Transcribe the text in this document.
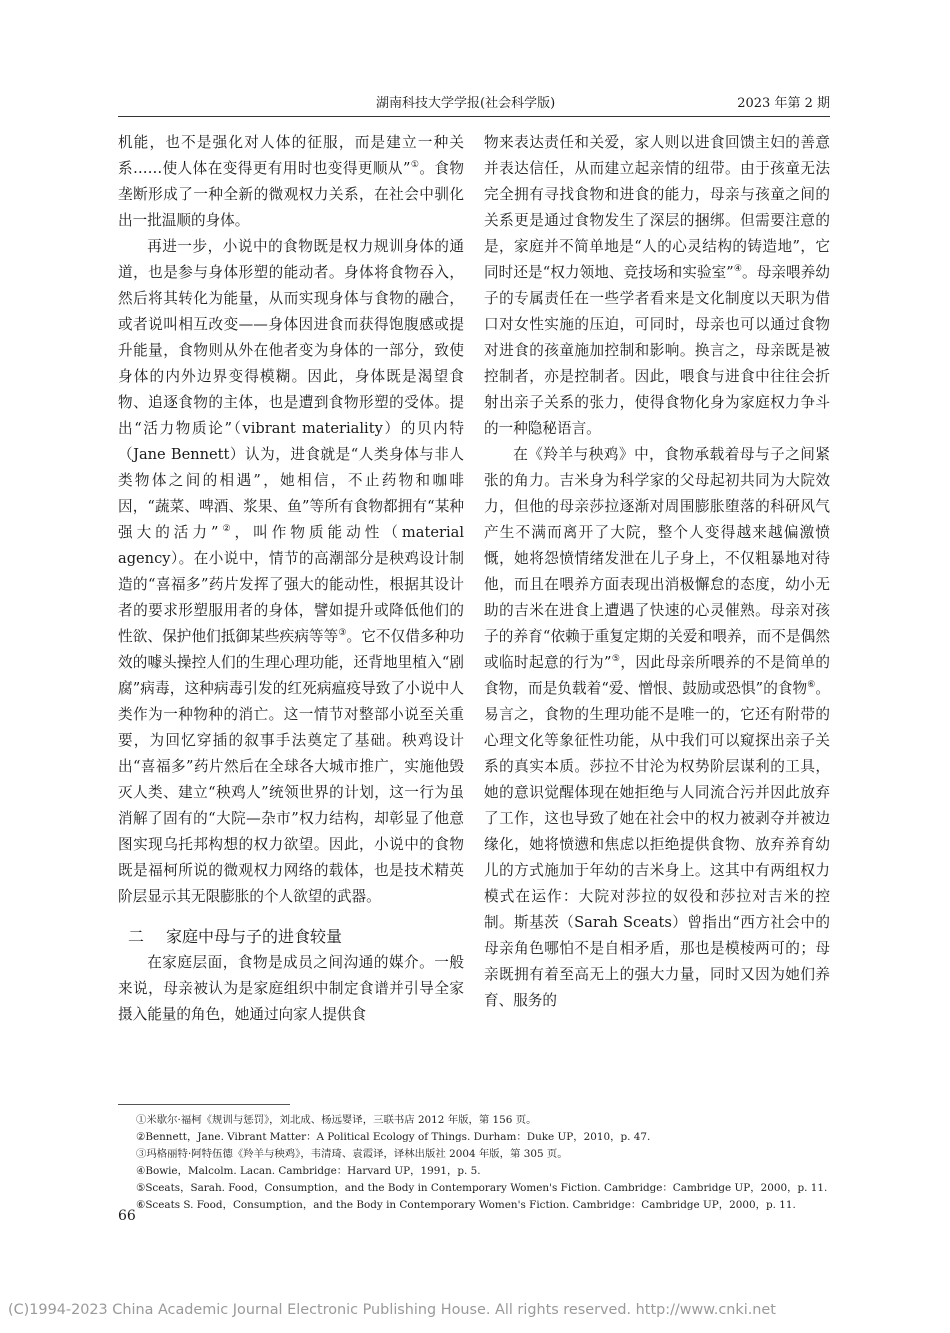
湖南科技大学学报(社会科学版)	2023 年第 2 期

机能，也不是强化对人体的征服，而是建立一种关系……使人体在变得更有用时也变得更顺从”①。食物垄断形成了一种全新的微观权力关系，在社会中驯化出一批温顺的身体。

再进一步，小说中的食物既是权力规训身体的通道，也是参与身体形塑的能动者。身体将食物吞入，然后将其转化为能量，从而实现身体与食物的融合，或者说叫相互改变——身体因进食而获得饱腹感或提升能量，食物则从外在他者变为身体的一部分，致使身体的内外边界变得模糊。因此，身体既是渴望食物、追逐食物的主体，也是遭到食物形塑的受体。提出“活力物质论”（vibrant materiality）的贝内特（Jane Bennett）认为，进食就是“人类身体与非人类物体之间的相遇”，她相信，不止药物和咖啡因，“蔬菜、啤酒、浆果、鱼”等所有食物都拥有“某种强大的活力”②，叫作物质能动性（material agency）。在小说中，情节的高潮部分是秧鸡设计制造的“喜福多”药片发挥了强大的能动性，根据其设计者的要求形塑服用者的身体，譬如提升或降低他们的性欲、保护他们抵御某些疾病等等③。它不仅借多种功效的噱头操控人们的生理心理功能，还背地里植入“剧腐”病毒，这种病毒引发的红死病瘟疫导致了小说中人类作为一种物种的消亡。这一情节对整部小说至关重要，为回忆穿插的叙事手法奠定了基础。秧鸡设计出“喜福多”药片然后在全球各大城市推广，实施他毁灭人类、建立“秧鸡人”统领世界的计划，这一行为虽消解了固有的“大院—杂市”权力结构，却彰显了他意图实现乌托邦构想的权力欲望。因此，小说中的食物既是福柯所说的微观权力网络的载体，也是技术精英阶层显示其无限膨胀的个人欲望的武器。

二 家庭中母与子的进食较量

在家庭层面，食物是成员之间沟通的媒介。一般来说，母亲被认为是家庭组织中制定食谱并引导全家摄入能量的角色，她通过向家人提供食

物来表达责任和关爱，家人则以进食回馈主妇的善意并表达信任，从而建立起亲情的纽带。由于孩童无法完全拥有寻找食物和进食的能力，母亲与孩童之间的关系更是通过食物发生了深层的捆绑。但需要注意的是，家庭并不简单地是“人的心灵结构的铸造地”，它同时还是“权力领地、竞技场和实验室”④。母亲喂养幼子的专属责任在一些学者看来是文化制度以天职为借口对女性实施的压迫，可同时，母亲也可以通过食物对进食的孩童施加控制和影响。换言之，母亲既是被控制者，亦是控制者。因此，喂食与进食中往往会折射出亲子关系的张力，使得食物化身为家庭权力争斗的一种隐秘语言。

在《羚羊与秧鸡》中，食物承载着母与子之间紧张的角力。吉米身为科学家的父母起初共同为大院效力，但他的母亲莎拉逐渐对周围膨胀堕落的科研风气产生不满而离开了大院，整个人变得越来越偏激愤慨，她将怨愤情绪发泄在儿子身上，不仅粗暴地对待他，而且在喂养方面表现出消极懈怠的态度，幼小无助的吉米在进食上遭遇了快速的心灵催熟。母亲对孩子的养育“依赖于重复定期的关爱和喂养，而不是偶然或临时起意的行为”⑤，因此母亲所喂养的不是简单的食物，而是负载着“爱、憎恨、鼓励或恐惧”的食物⑥。易言之，食物的生理功能不是唯一的，它还有附带的心理文化等象征性功能，从中我们可以窥探出亲子关系的真实本质。莎拉不甘沦为权势阶层谋利的工具，她的意识觉醒体现在她拒绝与人同流合污并因此放弃了工作，这也导致了她在社会中的权力被剥夺并被边缘化，她将愤懑和焦虑以拒绝提供食物、放弃养育幼儿的方式施加于年幼的吉米身上。这其中有两组权力模式在运作：大院对莎拉的奴役和莎拉对吉米的控制。斯基茨（Sarah Sceats）曾指出“西方社会中的母亲角色哪怕不是自相矛盾，那也是模棱两可的；母亲既拥有着至高无上的强大力量，同时又因为她们养育、服务的

①米歇尔·福柯《规训与惩罚》，刘北成、杨远婴译，三联书店 2012 年版，第 156 页。
②Bennett，Jane. Vibrant Matter：A Political Ecology of Things. Durham：Duke UP，2010，p. 47.
③玛格丽特·阿特伍德《羚羊与秧鸡》，韦清琦、袁霞译，译林出版社 2004 年版，第 305 页。
④Bowie，Malcolm. Lacan. Cambridge：Harvard UP，1991，p. 5.
⑤Sceats，Sarah. Food，Consumption，and the Body in Contemporary Women's Fiction. Cambridge：Cambridge UP，2000，p. 11.
⑥Sceats S. Food，Consumption，and the Body in Contemporary Women's Fiction. Cambridge：Cambridge UP，2000，p. 11.
66
(C)1994-2023 China Academic Journal Electronic Publishing House. All rights reserved. http://www.cnki.net
